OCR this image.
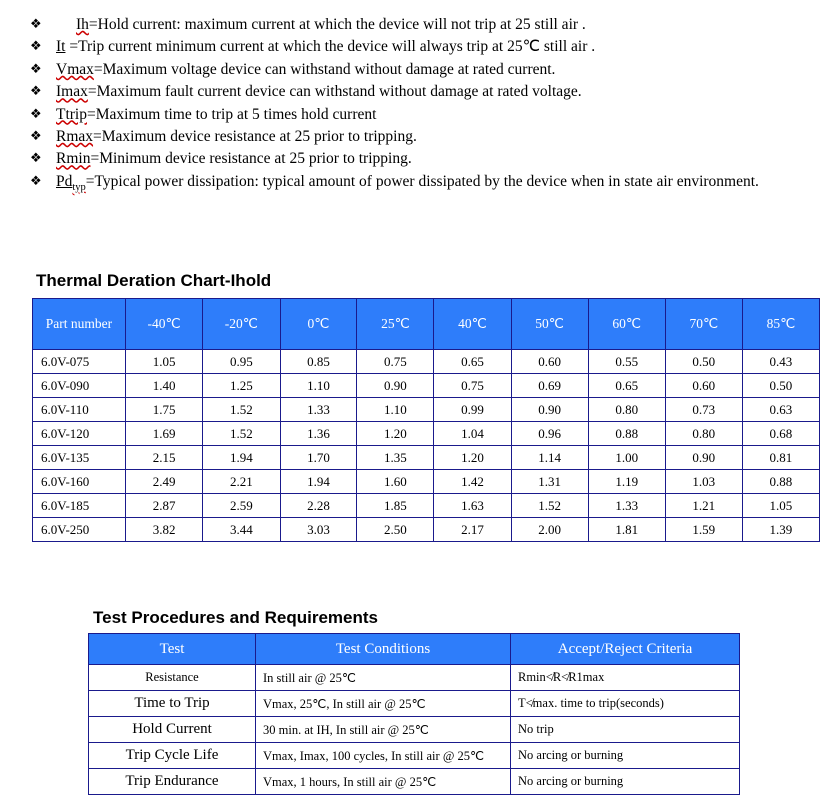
❖ Ih=Hold current: maximum current at which the device will not trip at 25 still air .
❖ It =Trip current minimum current at which the device will always trip at 25℃ still air .
❖ Vmax=Maximum voltage device can withstand without damage at rated current.
❖ Imax=Maximum fault current device can withstand without damage at rated voltage.
❖ Ttrip=Maximum time to trip at 5 times hold current
❖ Rmax=Maximum device resistance at 25 prior to tripping.
❖ Rmin=Minimum device resistance at 25 prior to tripping.
❖ $Pd_{typ}=Typical$ power dissipation: typical amount of power dissipated by the device when in state air environment.
Thermal Deration Chart-Ihold
Part number	-40℃	-20℃	0℃	25℃	40℃	50℃	60℃	70℃	85℃
6.0V-075	1.05	0.95	0.85	0.75	0.65	0.60	0.55	0.50	0.43
6.0V-090	1.40	1.25	1.10	0.90	0.75	0.69	0.65	0.60	0.50
6.0V-110	1.75	1.52	1.33	1.10	0.99	0.90	0.80	0.73	0.63
6.0V-120	1.69	1.52	1.36	1.20	1.04	0.96	0.88	0.80	0.68
6.0V-135	2.15	1.94	1.70	1.35	1.20	1.14	1.00	0.90	0.81
6.0V-160	2.49	2.21	1.94	1.60	1.42	1.31	1.19	1.03	0.88
6.0V-185	2.87	2.59	2.28	1.85	1.63	1.52	1.33	1.21	1.05
6.0V-250	3.82	3.44	3.03	2.50	2.17	2.00	1.81	1.59	1.39
Test Procedures and Requirements
Test	Test Conditions	Accept/Reject Criteria
Resistance	In still air @ 25℃	Rmin≮R≮R1max
Time to Trip	Vmax, 25℃, In still air @ 25℃	T≮max. time to trip(seconds)
Hold Current	30 min. at IH, In still air @ 25℃	No trip
Trip Cycle Life	Vmax, Imax, 100 cycles, In still air @ 25℃	No arcing or burning
Trip Endurance	Vmax, 1 hours, In still air @ 25℃	No arcing or burning
